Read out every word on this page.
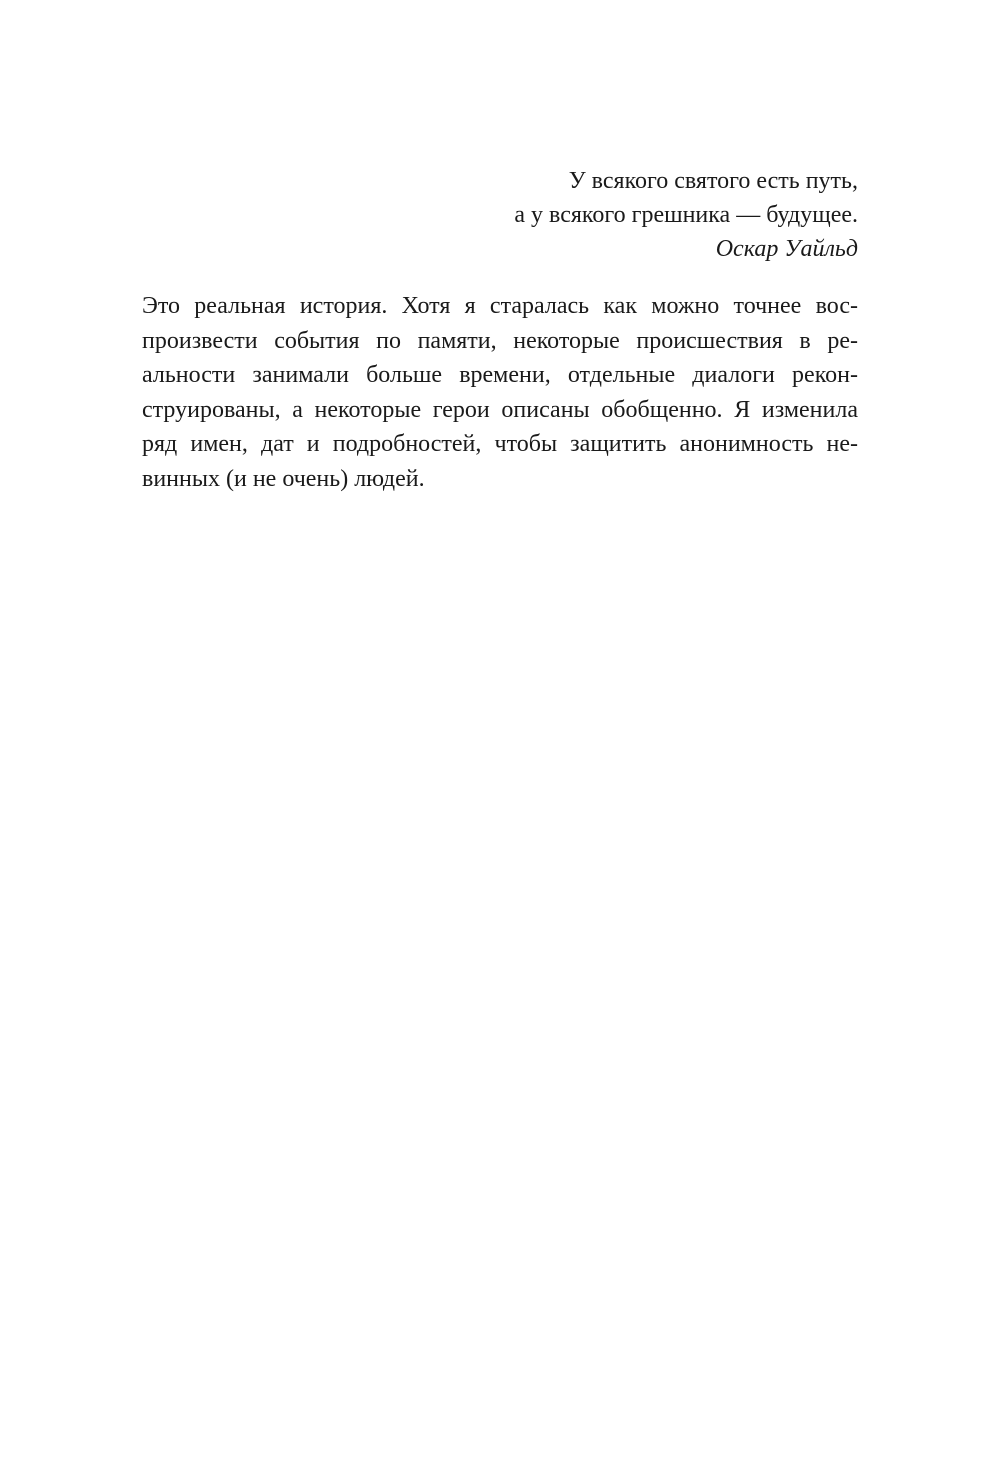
У всякого святого есть путь,
а у всякого грешника — будущее.
Оскар Уайльд
Это реальная история. Хотя я старалась как можно точнее вос-
произвести события по памяти, некоторые происшествия в ре-
альности занимали больше времени, отдельные диалоги рекон-
струированы, а некоторые герои описаны обобщенно. Я изменила
ряд имен, дат и подробностей, чтобы защитить анонимность не-
винных (и не очень) людей.
